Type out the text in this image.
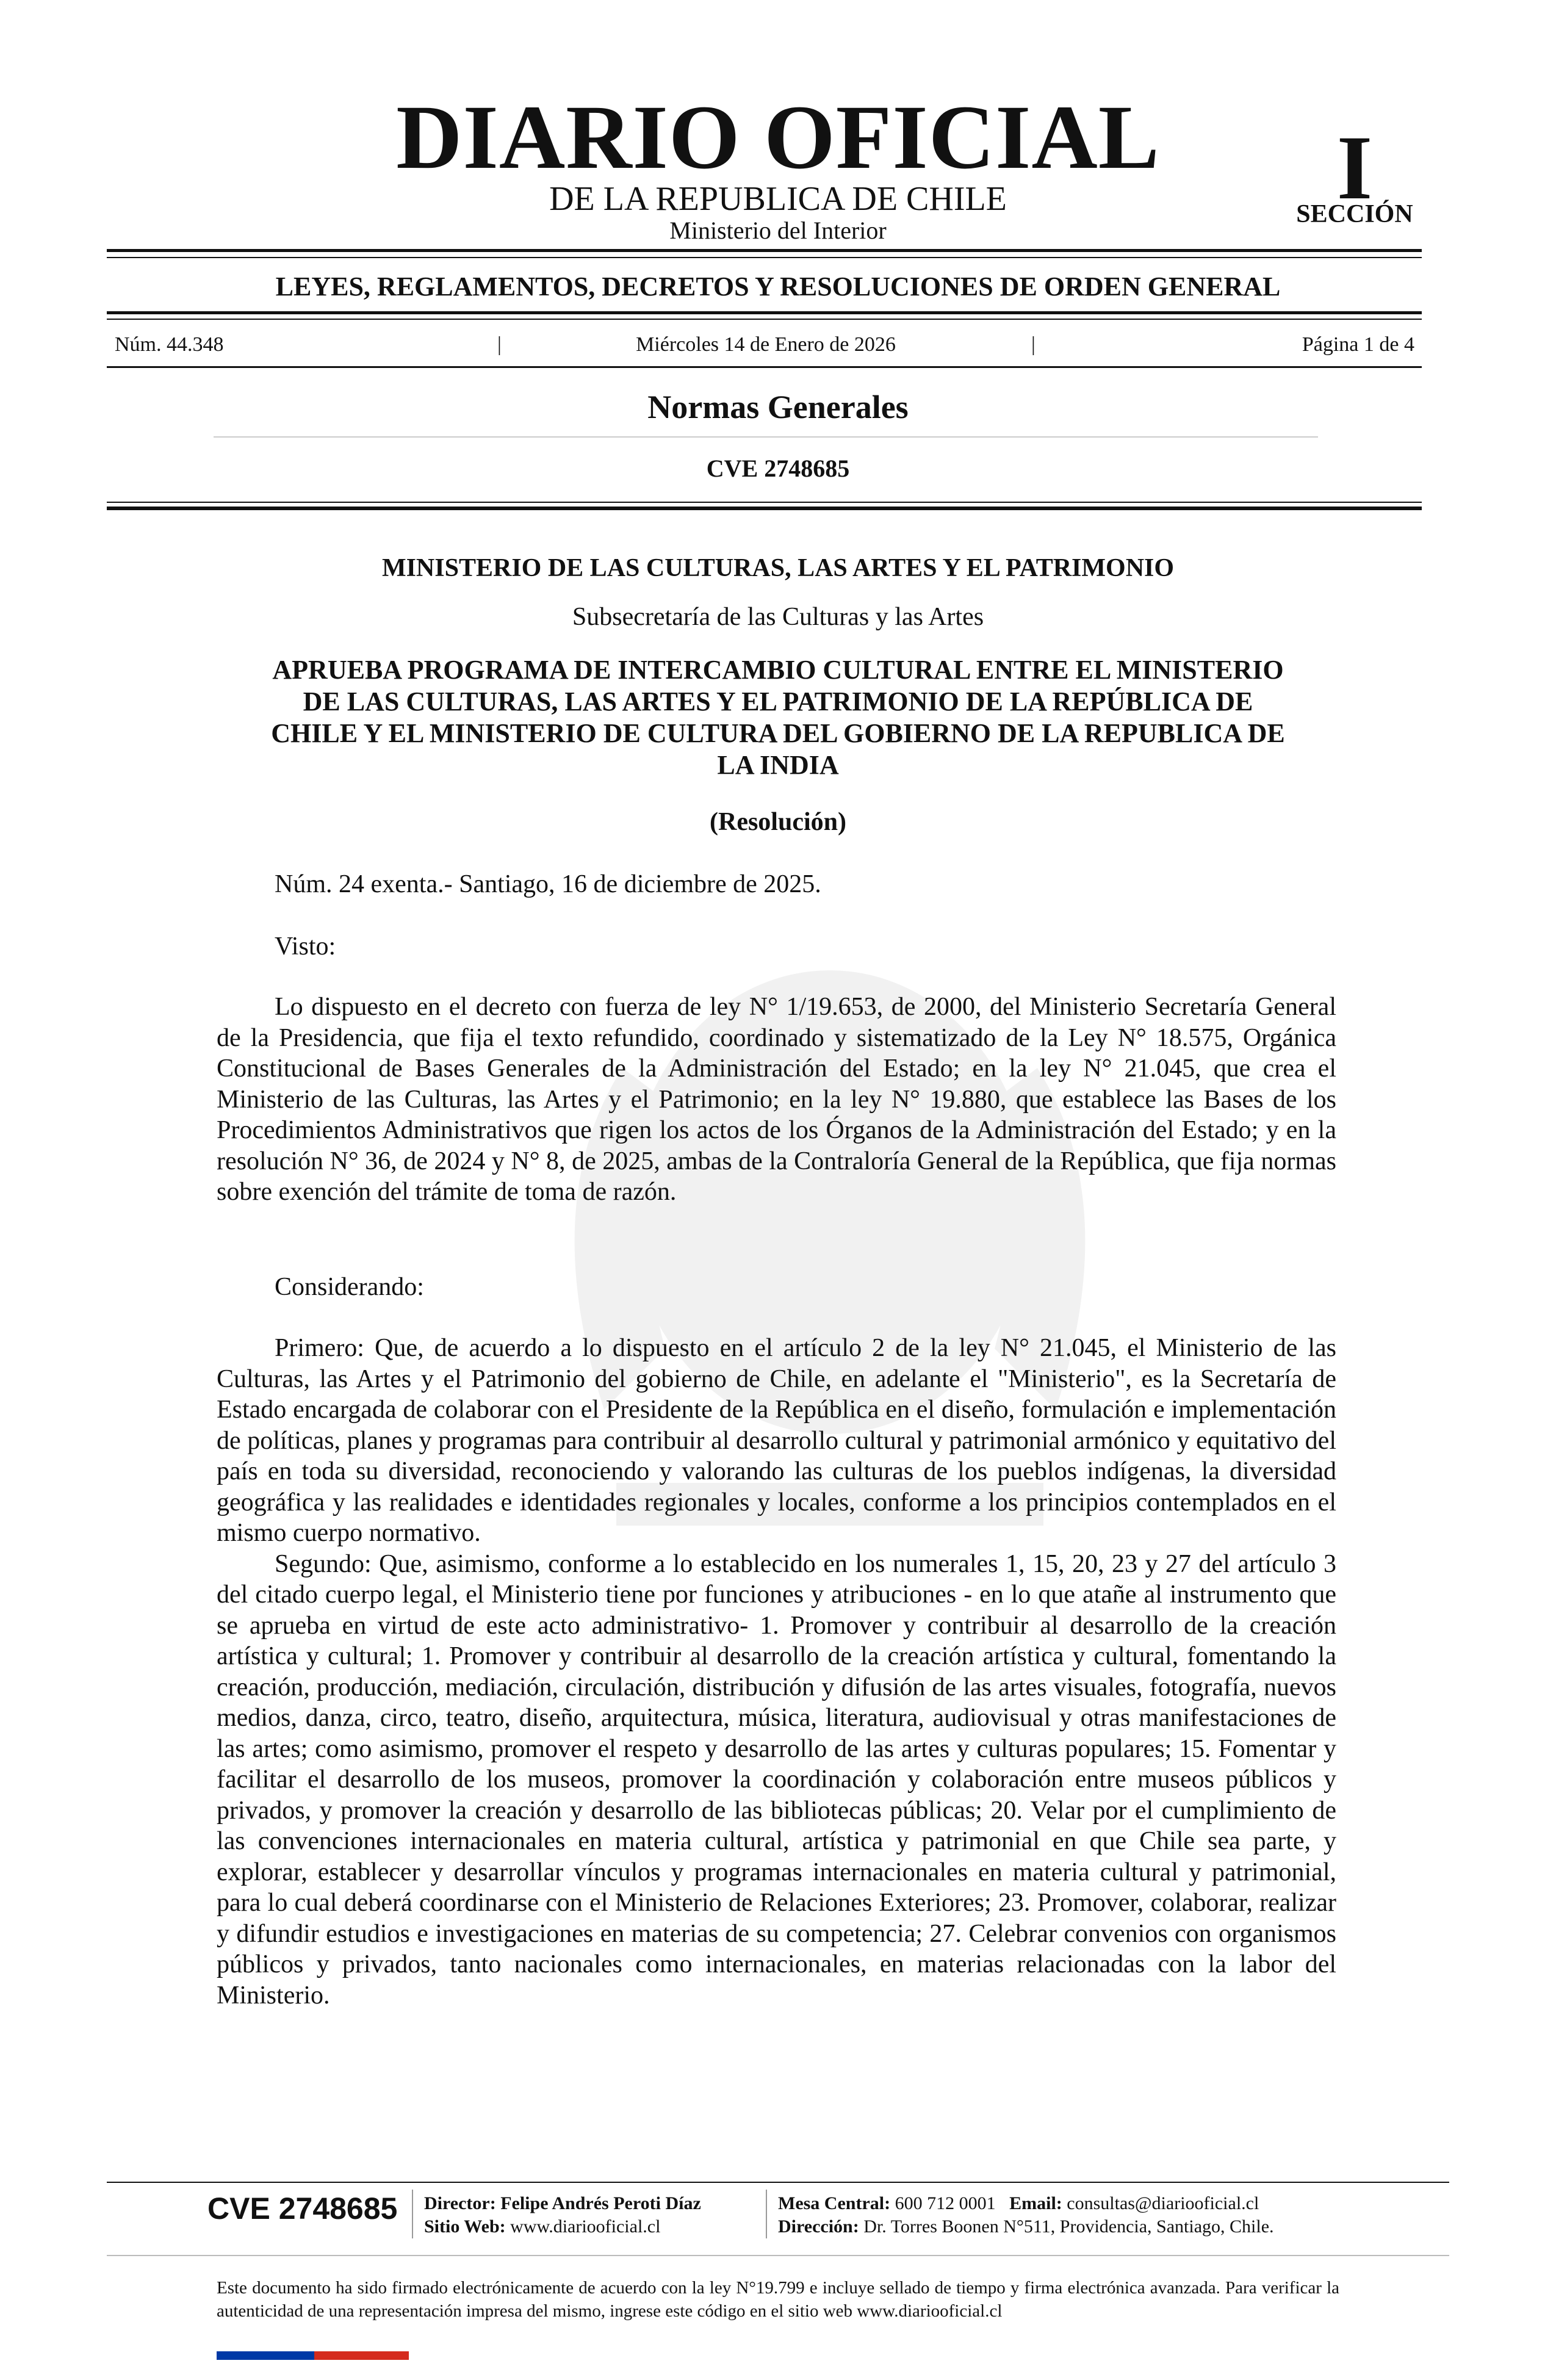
DIARIO OFICIAL
DE LA REPUBLICA DE CHILE
Ministerio del Interior
I
SECCIÓN
LEYES, REGLAMENTOS, DECRETOS Y RESOLUCIONES DE ORDEN GENERAL
Núm. 44.348	|	Miércoles 14 de Enero de 2026	|	Página 1 de 4
Normas Generales
CVE 2748685
MINISTERIO DE LAS CULTURAS, LAS ARTES Y EL PATRIMONIO
Subsecretaría de las Culturas y las Artes
APRUEBA PROGRAMA DE INTERCAMBIO CULTURAL ENTRE EL MINISTERIO
DE LAS CULTURAS, LAS ARTES Y EL PATRIMONIO DE LA REPÚBLICA DE
CHILE Y EL MINISTERIO DE CULTURA DEL GOBIERNO DE LA REPUBLICA DE
LA INDIA
(Resolución)
Núm. 24 exenta.- Santiago, 16 de diciembre de 2025.
Visto:

Lo dispuesto en el decreto con fuerza de ley N° 1/19.653, de 2000, del Ministerio Secretaría General de la Presidencia, que fija el texto refundido, coordinado y sistematizado de la Ley N° 18.575, Orgánica Constitucional de Bases Generales de la Administración del Estado; en la ley N° 21.045, que crea el Ministerio de las Culturas, las Artes y el Patrimonio; en la ley N° 19.880, que establece las Bases de los Procedimientos Administrativos que rigen los actos de los Órganos de la Administración del Estado; y en la resolución N° 36, de 2024 y N° 8, de 2025, ambas de la Contraloría General de la República, que fija normas sobre exención del trámite de toma de razón.

Considerando:

Primero: Que, de acuerdo a lo dispuesto en el artículo 2 de la ley N° 21.045, el Ministerio de las Culturas, las Artes y el Patrimonio del gobierno de Chile, en adelante el "Ministerio", es la Secretaría de Estado encargada de colaborar con el Presidente de la República en el diseño, formulación e implementación de políticas, planes y programas para contribuir al desarrollo cultural y patrimonial armónico y equitativo del país en toda su diversidad, reconociendo y valorando las culturas de los pueblos indígenas, la diversidad geográfica y las realidades e identidades regionales y locales, conforme a los principios contemplados en el mismo cuerpo normativo.

Segundo: Que, asimismo, conforme a lo establecido en los numerales 1, 15, 20, 23 y 27 del artículo 3 del citado cuerpo legal, el Ministerio tiene por funciones y atribuciones - en lo que atañe al instrumento que se aprueba en virtud de este acto administrativo- 1. Promover y contribuir al desarrollo de la creación artística y cultural; 1. Promover y contribuir al desarrollo de la creación artística y cultural, fomentando la creación, producción, mediación, circulación, distribución y difusión de las artes visuales, fotografía, nuevos medios, danza, circo, teatro, diseño, arquitectura, música, literatura, audiovisual y otras manifestaciones de las artes; como asimismo, promover el respeto y desarrollo de las artes y culturas populares; 15. Fomentar y facilitar el desarrollo de los museos, promover la coordinación y colaboración entre museos públicos y privados, y promover la creación y desarrollo de las bibliotecas públicas; 20. Velar por el cumplimiento de las convenciones internacionales en materia cultural, artística y patrimonial en que Chile sea parte, y explorar, establecer y desarrollar vínculos y programas internacionales en materia cultural y patrimonial, para lo cual deberá coordinarse con el Ministerio de Relaciones Exteriores; 23. Promover, colaborar, realizar y difundir estudios e investigaciones en materias de su competencia; 27. Celebrar convenios con organismos públicos y privados, tanto nacionales como internacionales, en materias relacionadas con la labor del Ministerio.

CVE 2748685 Director: Felipe Andrés Peroti Díaz
Sitio Web: www.diariooficial.cl
Mesa Central: 600 712 0001 Email: consultas@diariooficial.cl
Dirección: Dr. Torres Boonen N°511, Providencia, Santiago, Chile.
Este documento ha sido firmado electrónicamente de acuerdo con la ley N°19.799 e incluye sellado de tiempo y firma electrónica avanzada. Para verificar la autenticidad de una representación impresa del mismo, ingrese este código en el sitio web www.diariooficial.cl
